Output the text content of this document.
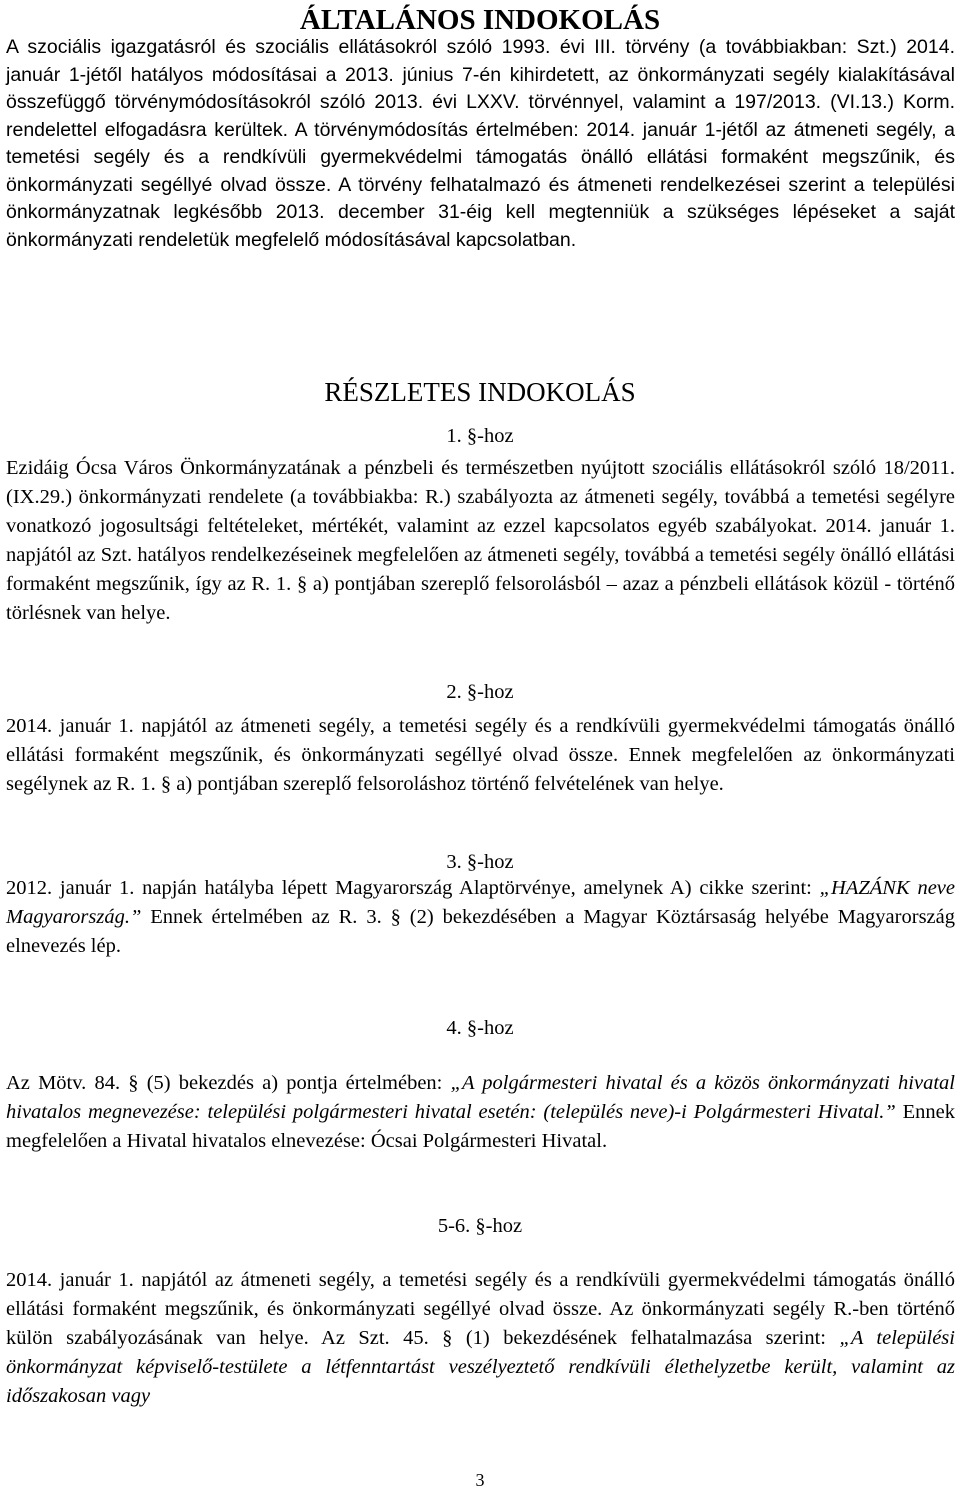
ÁLTALÁNOS INDOKOLÁS

A szociális igazgatásról és szociális ellátásokról szóló 1993. évi III. törvény (a továbbiakban: Szt.) 2014. január 1-jétől hatályos módosításai a 2013. június 7-én kihirdetett, az önkormányzati segély kialakításával összefüggő törvénymódosításokról szóló 2013. évi LXXV. törvénnyel, valamint a 197/2013. (VI.13.) Korm. rendelettel elfogadásra kerültek. A törvénymódosítás értelmében: 2014. január 1-jétől az átmeneti segély, a temetési segély és a rendkívüli gyermekvédelmi támogatás önálló ellátási formaként megszűnik, és önkormányzati segéllyé olvad össze. A törvény felhatalmazó és átmeneti rendelkezései szerint a települési önkormányzatnak legkésőbb 2013. december 31-éig kell megtenniük a szükséges lépéseket a saját önkormányzati rendeletük megfelelő módosításával kapcsolatban.

RÉSZLETES INDOKOLÁS
1. §-hoz

Ezidáig Ócsa Város Önkormányzatának a pénzbeli és természetben nyújtott szociális ellátásokról szóló 18/2011. (IX.29.) önkormányzati rendelete (a továbbiakba: R.) szabályozta az átmeneti segély, továbbá a temetési segélyre vonatkozó jogosultsági feltételeket, mértékét, valamint az ezzel kapcsolatos egyéb szabályokat. 2014. január 1. napjától az Szt. hatályos rendelkezéseinek megfelelően az átmeneti segély, továbbá a temetési segély önálló ellátási formaként megszűnik, így az R. 1. § a) pontjában szereplő felsorolásból – azaz a pénzbeli ellátások közül - történő törlésnek van helye.

2. §-hoz

2014. január 1. napjától az átmeneti segély, a temetési segély és a rendkívüli gyermekvédelmi támogatás önálló ellátási formaként megszűnik, és önkormányzati segéllyé olvad össze. Ennek megfelelően az önkormányzati segélynek az R. 1. § a) pontjában szereplő felsoroláshoz történő felvételének van helye.

3. §-hoz

2012. január 1. napján hatályba lépett Magyarország Alaptörvénye, amelynek A) cikke szerint: „HAZÁNK neve Magyarország.” Ennek értelmében az R. 3. § (2) bekezdésében a Magyar Köztársaság helyébe Magyarország elnevezés lép.

4. §-hoz

Az Mötv. 84. § (5) bekezdés a) pontja értelmében: „A polgármesteri hivatal és a közös önkormányzati hivatal hivatalos megnevezése: települési polgármesteri hivatal esetén: (település neve)-i Polgármesteri Hivatal.” Ennek megfelelően a Hivatal hivatalos elnevezése: Ócsai Polgármesteri Hivatal.

5-6. §-hoz

2014. január 1. napjától az átmeneti segély, a temetési segély és a rendkívüli gyermekvédelmi támogatás önálló ellátási formaként megszűnik, és önkormányzati segéllyé olvad össze. Az önkormányzati segély R.-ben történő külön szabályozásának van helye. Az Szt. 45. § (1) bekezdésének felhatalmazása szerint: „A települési önkormányzat képviselő-testülete a létfenntartást veszélyeztető rendkívüli élethelyzetbe került, valamint az időszakosan vagy

3
